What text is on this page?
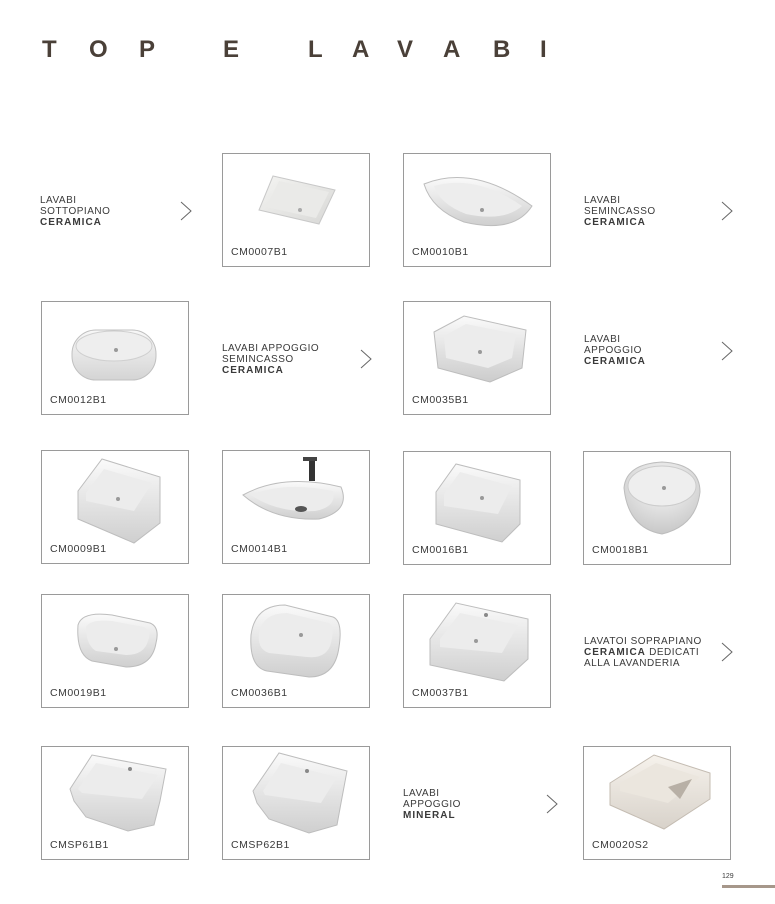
T O P	E	L A V A B I
LAVABI
SOTTOPIANO
CERAMICA
CM0007B1	CM0010B1
LAVABI
SEMINCASSO
CERAMICA
CM0012B1
LAVABI APPOGGIO
SEMINCASSO
CERAMICA
CM0035B1
LAVABI
APPOGGIO
CERAMICA
CM0009B1	CM0014B1	CM0016B1	CM0018B1
CM0019B1	CM0036B1	CM0037B1
LAVATOI SOPRAPIANO
CERAMICA DEDICATI
ALLA LAVANDERIA
CMSP61B1	CMSP62B1
LAVABI
APPOGGIO
MINERAL
CM0020S2
129
